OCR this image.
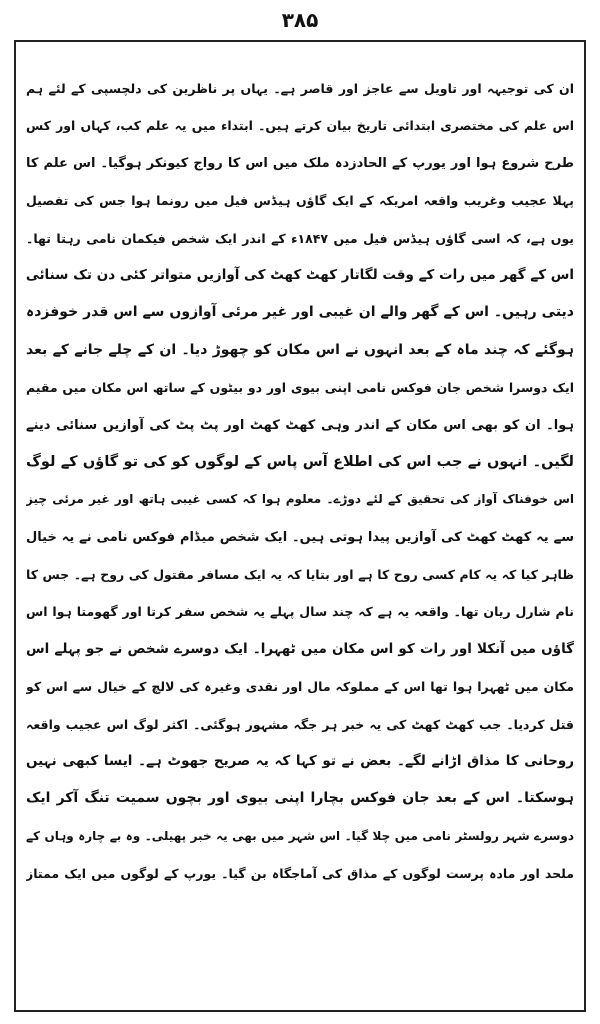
۳۸۵
ان کی توجیہہ اور تاویل سے عاجز اور قاصر ہے۔ یہاں پر ناظرین کی دلچسپی کے لئے ہم
اس علم کی مختصری ابتدائی تاریخ بیان کرتے ہیں۔ ابتداء میں یہ علم کب، کہاں اور کس
طرح شروع ہوا اور یورپ کے الحادزدہ ملک میں اس کا رواج کیونکر ہوگیا۔ اس علم کا
پہلا عجیب وغریب واقعہ امریکہ کے ایک گاؤں ہیڈس فیل میں رونما ہوا جس کی تفصیل
یوں ہے، کہ اسی گاؤں ہیڈس فیل میں ۱۸۴۷ء کے اندر ایک شخص فیکمان نامی رہتا تھا۔
اس کے گھر میں رات کے وقت لگاتار کھٹ کھٹ کی آوازیں متواتر کئی دن تک سنائی
دیتی رہیں۔ اس کے گھر والے ان غیبی اور غیر مرئی آوازوں سے اس قدر خوفزدہ
ہوگئے کہ چند ماہ کے بعد انہوں نے اس مکان کو چھوڑ دیا۔ ان کے چلے جانے کے بعد
ایک دوسرا شخص جان فوکس نامی اپنی بیوی اور دو بیٹوں کے ساتھ اس مکان میں مقیم
ہوا۔ ان کو بھی اس مکان کے اندر وہی کھٹ کھٹ اور پٹ پٹ کی آوازیں سنائی دینے
لگیں۔ انہوں نے جب اس کی اطلاع آس پاس کے لوگوں کو کی تو گاؤں کے لوگ
اس خوفناک آواز کی تحقیق کے لئے دوڑے۔ معلوم ہوا کہ کسی غیبی ہاتھ اور غیر مرئی چیز
سے یہ کھٹ کھٹ کی آوازیں پیدا ہوتی ہیں۔ ایک شخص میڈام فوکس نامی نے یہ خیال
ظاہر کیا کہ یہ کام کسی روح کا ہے اور بتایا کہ یہ ایک مسافر مقتول کی روح ہے۔ جس کا
نام شارل ریان تھا۔ واقعہ یہ ہے کہ چند سال پہلے یہ شخص سفر کرتا اور گھومتا ہوا اس
گاؤں میں آنکلا اور رات کو اس مکان میں ٹھہرا۔ ایک دوسرے شخص نے جو پہلے اس
مکان میں ٹھہرا ہوا تھا اس کے مملوکہ مال اور نقدی وغیرہ کی لالچ کے خیال سے اس کو
قتل کردیا۔ جب کھٹ کھٹ کی یہ خبر ہر جگہ مشہور ہوگئی۔ اکثر لوگ اس عجیب واقعہ
روحانی کا مذاق اڑانے لگے۔ بعض نے تو کہا کہ یہ صریح جھوٹ ہے۔ ایسا کبھی نہیں
ہوسکتا۔ اس کے بعد جان فوکس بچارا اپنی بیوی اور بچوں سمیت تنگ آکر ایک
دوسرے شہر رولسٹر نامی میں چلا گیا۔ اس شہر میں بھی یہ خبر پھیلی۔ وہ بے چارہ وہاں کے
ملحد اور مادہ پرست لوگوں کے مذاق کی آماجگاہ بن گیا۔ یورپ کے لوگوں میں ایک ممتاز
